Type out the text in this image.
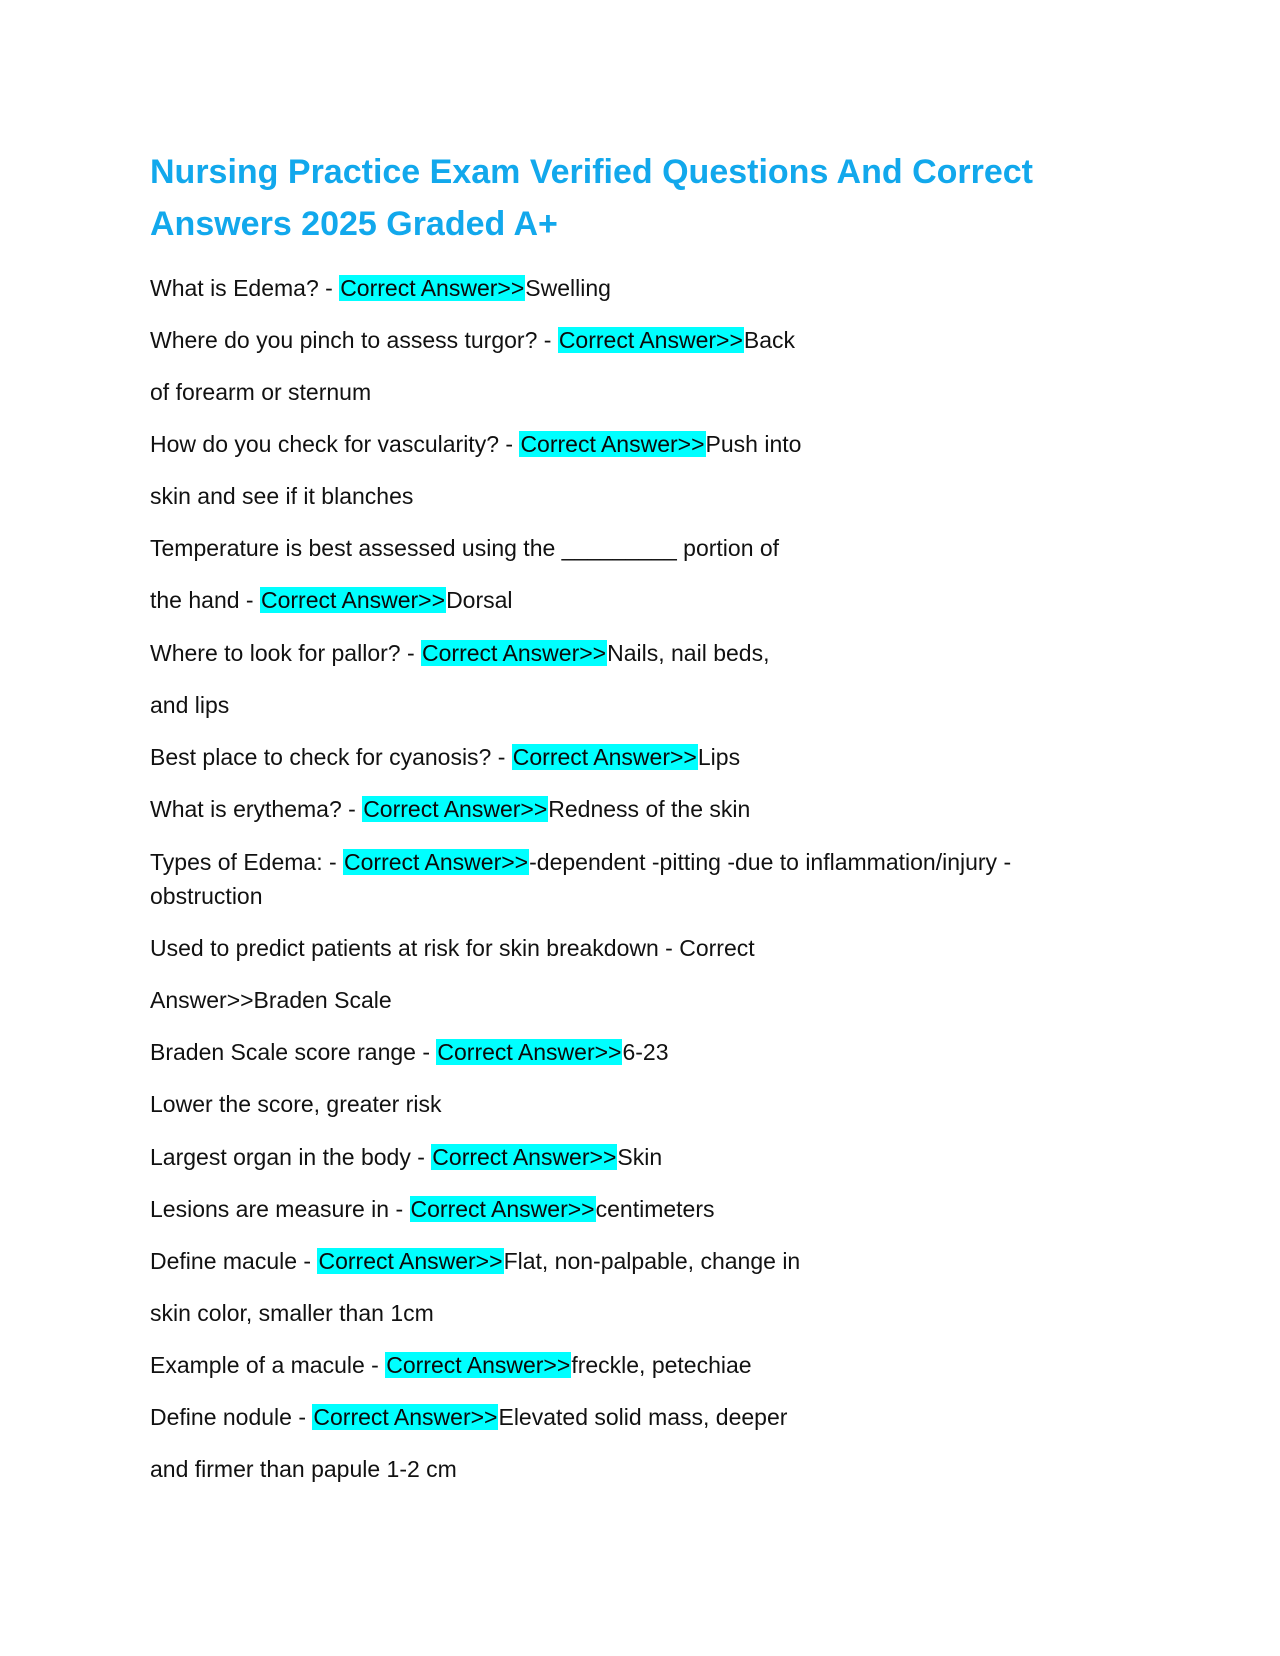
Nursing Practice Exam Verified Questions And Correct
Answers 2025 Graded A+
What is Edema? - Correct Answer>>Swelling
Where do you pinch to assess turgor? - Correct Answer>>Back
of forearm or sternum
How do you check for vascularity? - Correct Answer>>Push into
skin and see if it blanches
Temperature is best assessed using the _________ portion of
the hand - Correct Answer>>Dorsal
Where to look for pallor? - Correct Answer>>Nails, nail beds,
and lips
Best place to check for cyanosis? - Correct Answer>>Lips
What is erythema? - Correct Answer>>Redness of the skin
Types of Edema: - Correct Answer>>-dependent -pitting -due to inflammation/injury -
obstruction
Used to predict patients at risk for skin breakdown - Correct
Answer>>Braden Scale
Braden Scale score range - Correct Answer>>6-23
Lower the score, greater risk
Largest organ in the body - Correct Answer>>Skin
Lesions are measure in - Correct Answer>>centimeters
Define macule - Correct Answer>>Flat, non-palpable, change in
skin color, smaller than 1cm
Example of a macule - Correct Answer>>freckle, petechiae
Define nodule - Correct Answer>>Elevated solid mass, deeper
and firmer than papule 1-2 cm
